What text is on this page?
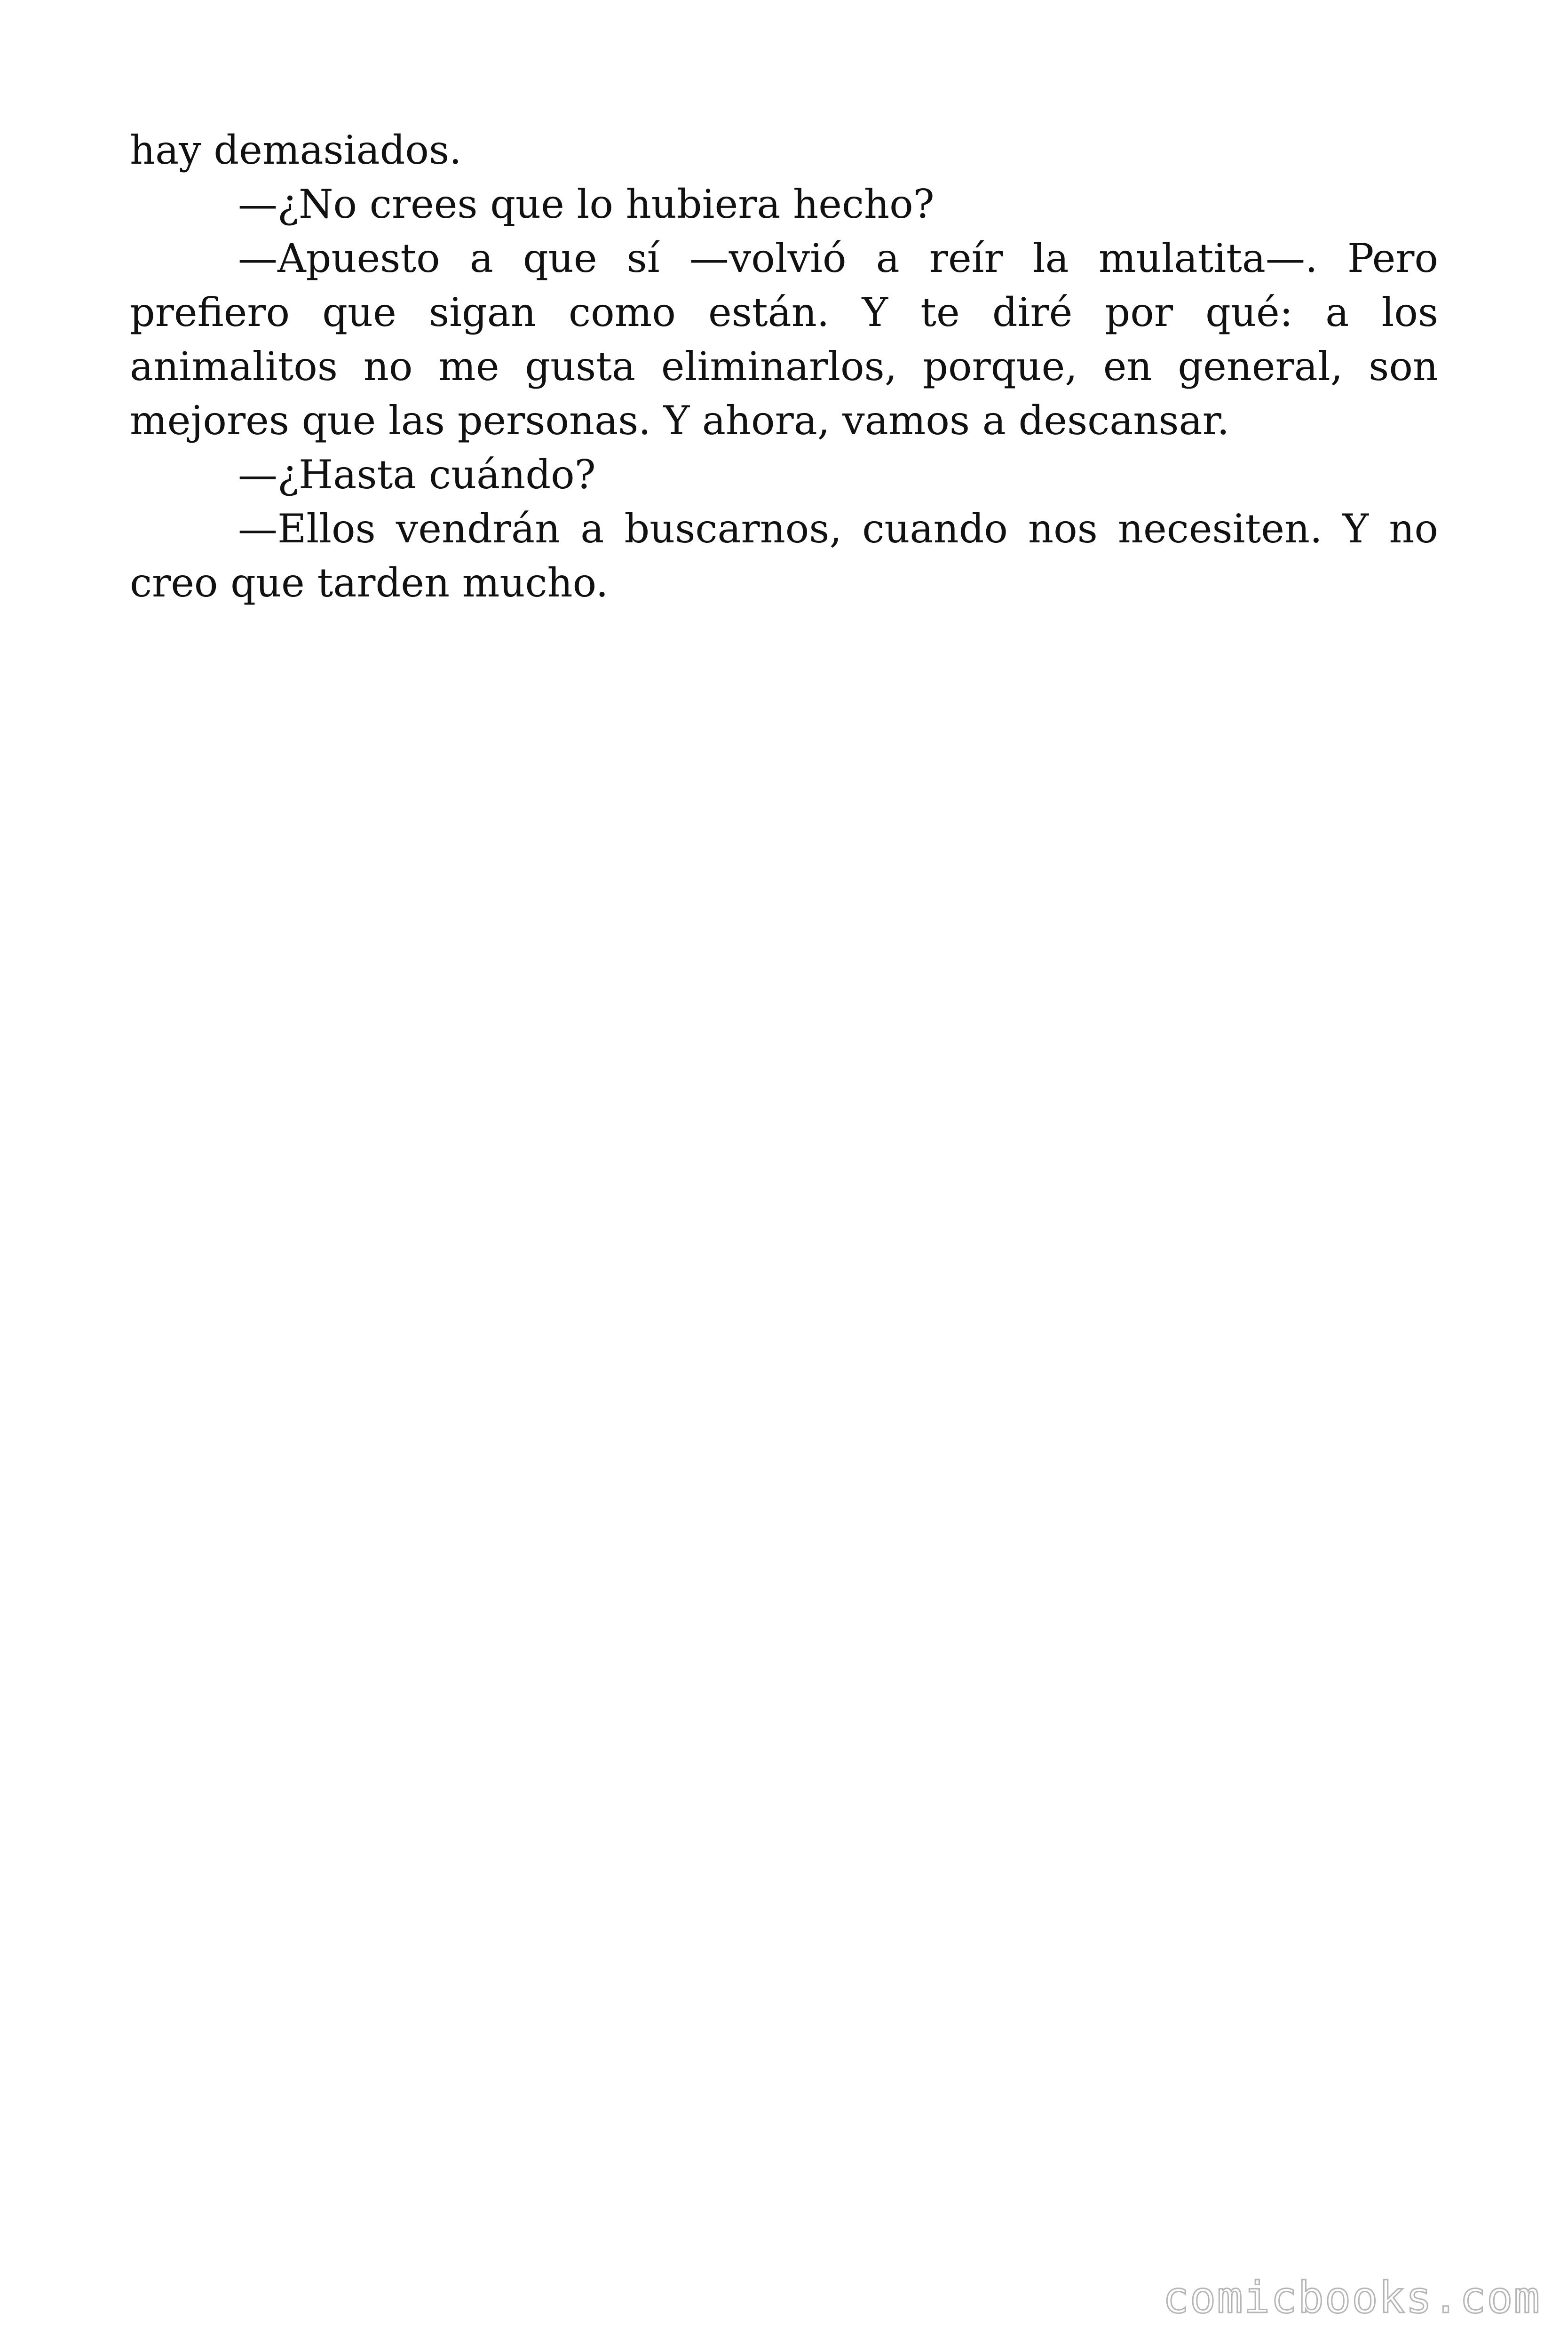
hay demasiados.

—¿No crees que lo hubiera hecho?

—Apuesto a que sí —volvió a reír la mulatita—. Pero prefiero que sigan como están. Y te diré por qué: a los animalitos no me gusta eliminarlos, porque, en general, son mejores que las personas. Y ahora, vamos a descansar.

—¿Hasta cuándo?

—Ellos vendrán a buscarnos, cuando nos necesiten. Y no creo que tarden mucho.

comicbooks.com
